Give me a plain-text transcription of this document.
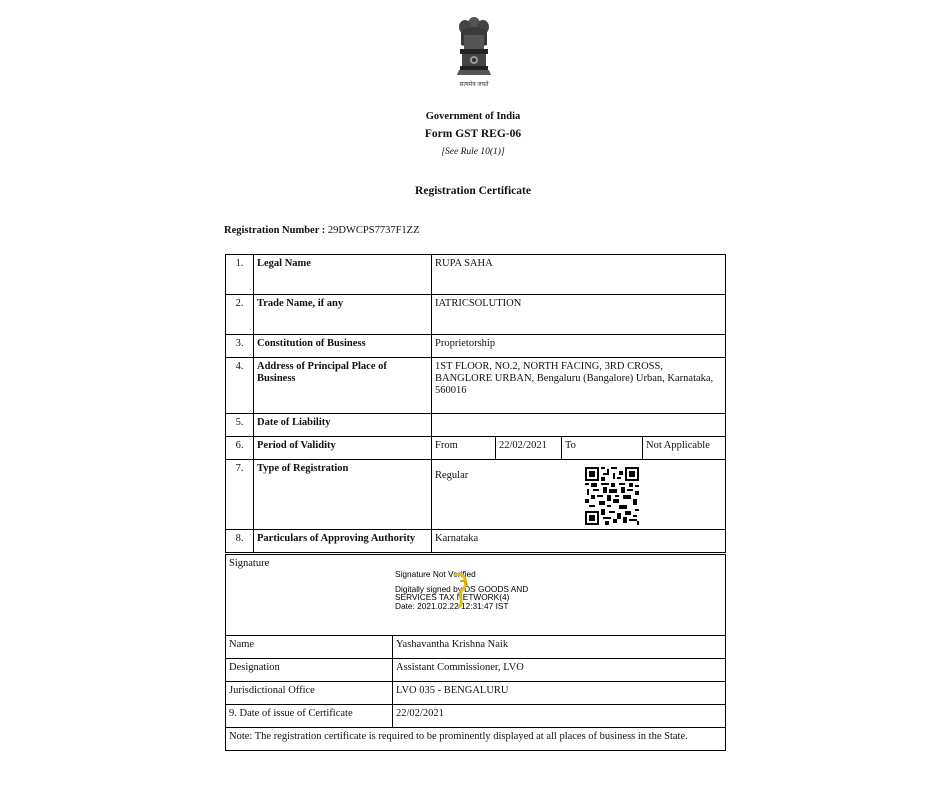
सत्यमेव जयते
Government of India
Form GST REG-06
[See Rule 10(1)]
Registration Certificate
Registration Number : 29DWCPS7737F1ZZ
1.	Legal Name	RUPA SAHA			
2.	Trade Name, if any	IATRICSOLUTION			
3.	Constitution of Business	Proprietorship			
4.	Address of Principal Place of Business	1ST FLOOR, NO.2, NORTH FACING, 3RD CROSS, BANGLORE URBAN, Bengaluru (Bangalore) Urban, Karnataka, 560016			
5.	Date of Liability				
6.	Period of Validity	From	22/02/2021	To	Not Applicable
7.	Type of Registration	Regular			

8.	Particulars of Approving Authority	Karnataka			
Signature	
Name	Yashavantha Krishna Naik
Designation	Assistant Commissioner, LVO
Jurisdictional Office	LVO 035 - BENGALURU
9. Date of issue of Certificate	22/02/2021
Note: The registration certificate is required to be prominently displayed at all places of business in the State.	
Signature Not Verified
Digitally signed by DS GOODS AND
SERVICES TAX NETWORK(4)
Date: 2021.02.22 12:31:47 IST
